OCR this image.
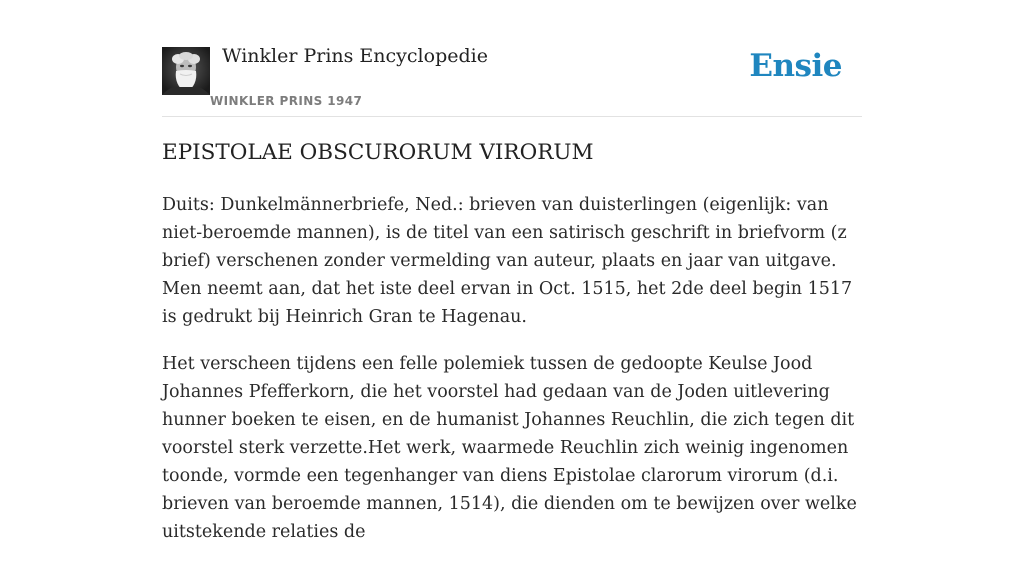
Winkler Prins Encyclopedie
WINKLER PRINS 1947
Ensie
EPISTOLAE OBSCURORUM VIRORUM

Duits: Dunkelmännerbriefe, Ned.: brieven van duisterlingen (eigenlijk: van niet-beroemde mannen), is de titel van een satirisch geschrift in briefvorm (z brief) verschenen zonder vermelding van auteur, plaats en jaar van uitgave. Men neemt aan, dat het iste deel ervan in Oct. 1515, het 2de deel begin 1517 is gedrukt bij Heinrich Gran te Hagenau.

Het verscheen tijdens een felle polemiek tussen de gedoopte Keulse Jood Johannes Pfefferkorn, die het voorstel had gedaan van de Joden uitlevering hunner boeken te eisen, en de humanist Johannes Reuchlin, die zich tegen dit voorstel sterk verzette.Het werk, waarmede Reuchlin zich weinig ingenomen toonde, vormde een tegenhanger van diens Epistolae clarorum virorum (d.i. brieven van beroemde mannen, 1514), die dienden om te bewijzen over welke uitstekende relaties de
